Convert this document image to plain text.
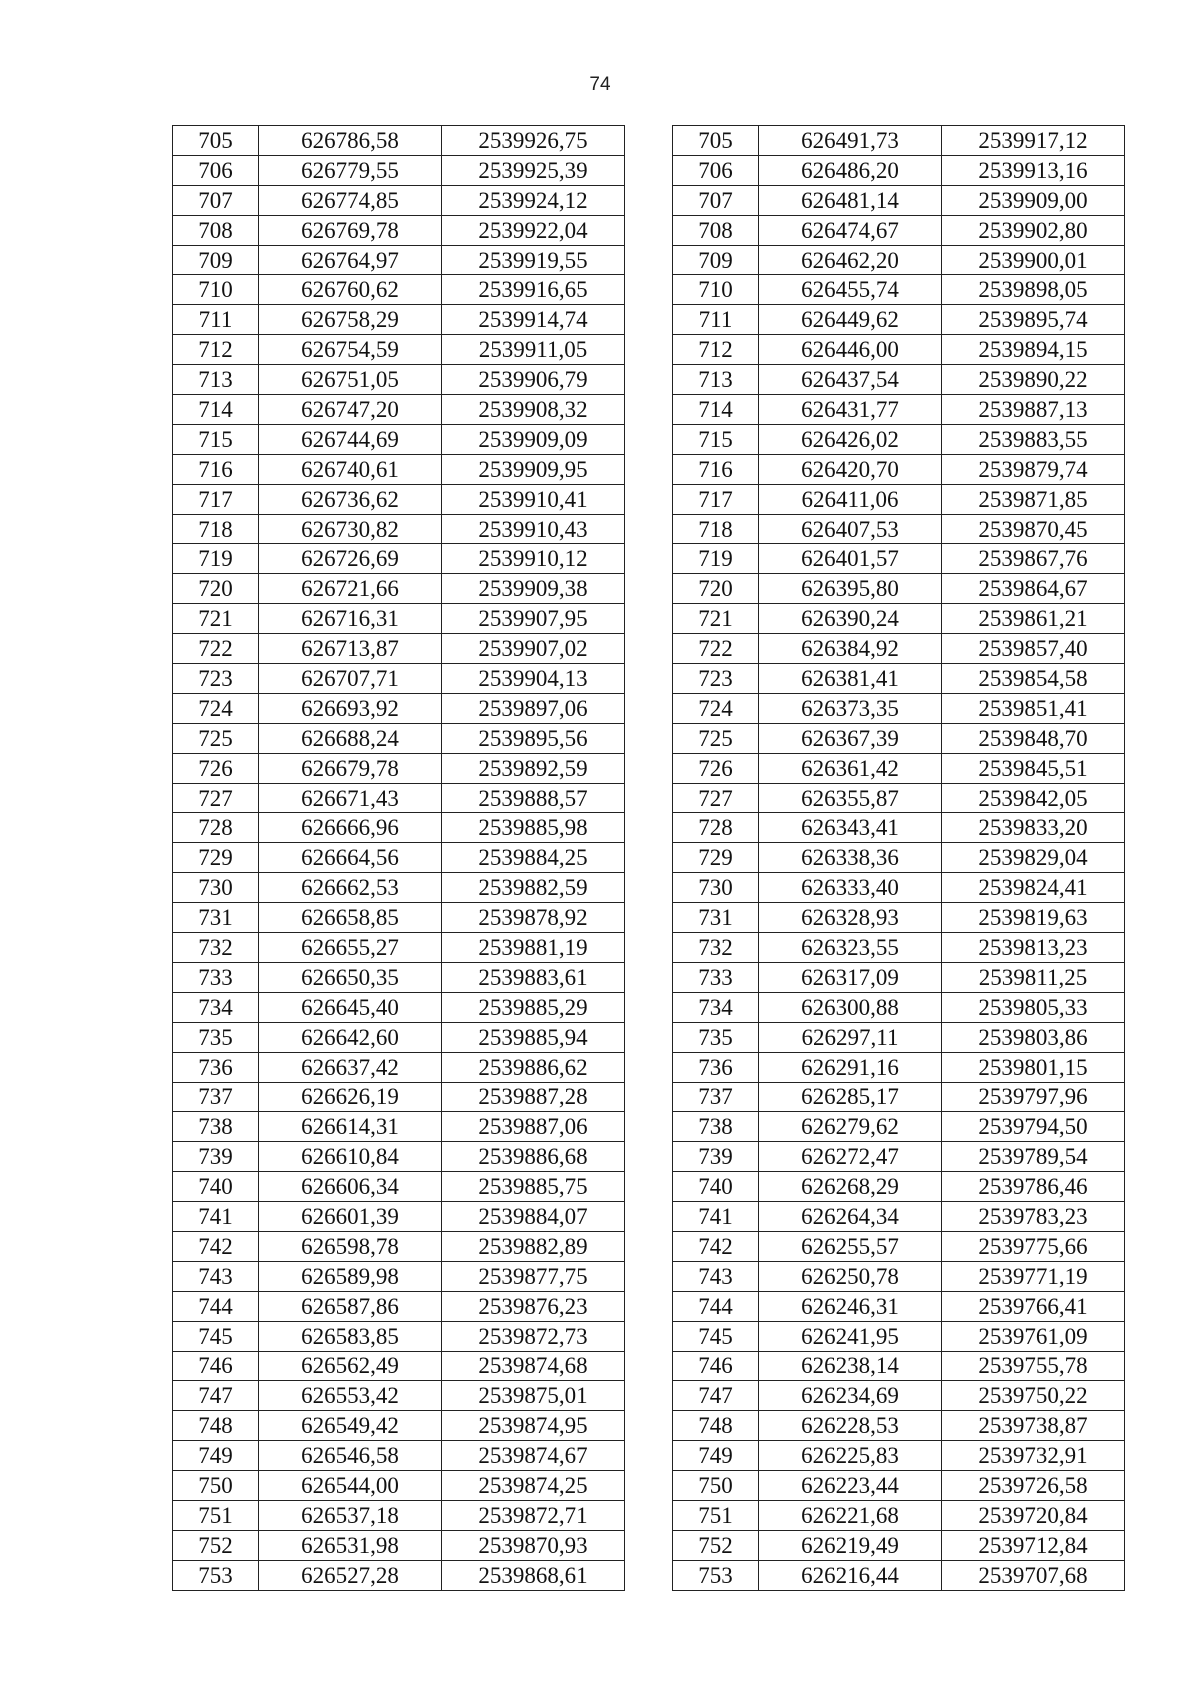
74
705	626786,58	2539926,75		705	626491,73	2539917,12
706	626779,55	2539925,39		706	626486,20	2539913,16
707	626774,85	2539924,12		707	626481,14	2539909,00
708	626769,78	2539922,04		708	626474,67	2539902,80
709	626764,97	2539919,55		709	626462,20	2539900,01
710	626760,62	2539916,65		710	626455,74	2539898,05
711	626758,29	2539914,74		711	626449,62	2539895,74
712	626754,59	2539911,05		712	626446,00	2539894,15
713	626751,05	2539906,79		713	626437,54	2539890,22
714	626747,20	2539908,32		714	626431,77	2539887,13
715	626744,69	2539909,09		715	626426,02	2539883,55
716	626740,61	2539909,95		716	626420,70	2539879,74
717	626736,62	2539910,41		717	626411,06	2539871,85
718	626730,82	2539910,43		718	626407,53	2539870,45
719	626726,69	2539910,12		719	626401,57	2539867,76
720	626721,66	2539909,38		720	626395,80	2539864,67
721	626716,31	2539907,95		721	626390,24	2539861,21
722	626713,87	2539907,02		722	626384,92	2539857,40
723	626707,71	2539904,13		723	626381,41	2539854,58
724	626693,92	2539897,06		724	626373,35	2539851,41
725	626688,24	2539895,56		725	626367,39	2539848,70
726	626679,78	2539892,59		726	626361,42	2539845,51
727	626671,43	2539888,57		727	626355,87	2539842,05
728	626666,96	2539885,98		728	626343,41	2539833,20
729	626664,56	2539884,25		729	626338,36	2539829,04
730	626662,53	2539882,59		730	626333,40	2539824,41
731	626658,85	2539878,92		731	626328,93	2539819,63
732	626655,27	2539881,19		732	626323,55	2539813,23
733	626650,35	2539883,61		733	626317,09	2539811,25
734	626645,40	2539885,29		734	626300,88	2539805,33
735	626642,60	2539885,94		735	626297,11	2539803,86
736	626637,42	2539886,62		736	626291,16	2539801,15
737	626626,19	2539887,28		737	626285,17	2539797,96
738	626614,31	2539887,06		738	626279,62	2539794,50
739	626610,84	2539886,68		739	626272,47	2539789,54
740	626606,34	2539885,75		740	626268,29	2539786,46
741	626601,39	2539884,07		741	626264,34	2539783,23
742	626598,78	2539882,89		742	626255,57	2539775,66
743	626589,98	2539877,75		743	626250,78	2539771,19
744	626587,86	2539876,23		744	626246,31	2539766,41
745	626583,85	2539872,73		745	626241,95	2539761,09
746	626562,49	2539874,68		746	626238,14	2539755,78
747	626553,42	2539875,01		747	626234,69	2539750,22
748	626549,42	2539874,95		748	626228,53	2539738,87
749	626546,58	2539874,67		749	626225,83	2539732,91
750	626544,00	2539874,25		750	626223,44	2539726,58
751	626537,18	2539872,71		751	626221,68	2539720,84
752	626531,98	2539870,93		752	626219,49	2539712,84
753	626527,28	2539868,61		753	626216,44	2539707,68
